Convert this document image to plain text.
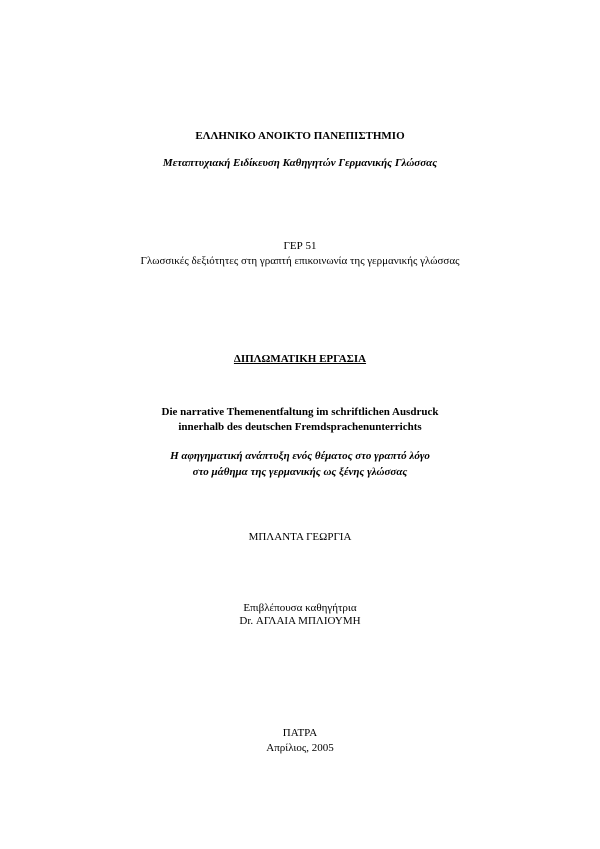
ΕΛΛΗΝΙΚΟ ΑΝΟΙΚΤΟ ΠΑΝΕΠΙΣΤΗΜΙΟ
Μεταπτυχιακή Ειδίκευση Καθηγητών Γερμανικής Γλώσσας
ΓΕΡ 51
Γλωσσικές δεξιότητες στη γραπτή επικοινωνία της γερμανικής γλώσσας
ΔΙΠΛΩΜΑΤΙΚΗ ΕΡΓΑΣΙΑ
Die narrative Themenentfaltung im schriftlichen Ausdruck
innerhalb des deutschen Fremdsprachenunterrichts
Η αφηγηματική ανάπτυξη ενός θέματος στο γραπτό λόγο
στο μάθημα της γερμανικής ως ξένης γλώσσας
ΜΠΛΑΝΤΑ ΓΕΩΡΓΙΑ
Επιβλέπουσα καθηγήτρια
Dr. ΑΓΛΑΙΑ ΜΠΛΙΟΥΜΗ
ΠΑΤΡΑ
Απρίλιος, 2005
